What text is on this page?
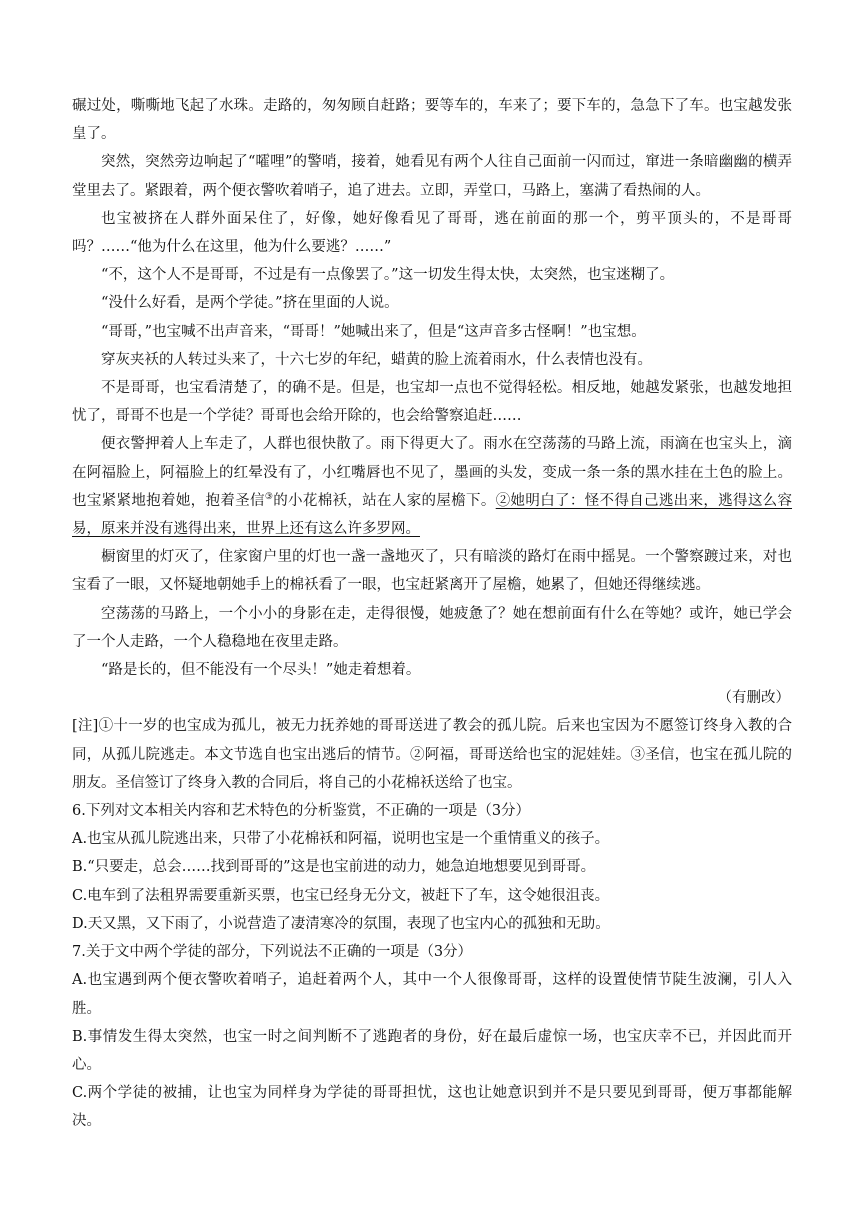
碾过处，嘶嘶地飞起了水珠。走路的，匆匆顾自赶路；要等车的，车来了；要下车的，急急下了车。也宝越发张皇了。

突然，突然旁边响起了“嚯哩”的警哨，接着，她看见有两个人往自己面前一闪而过，窜进一条暗幽幽的横弄堂里去了。紧跟着，两个便衣警吹着哨子，追了进去。立即，弄堂口，马路上，塞满了看热闹的人。

也宝被挤在人群外面呆住了，好像，她好像看见了哥哥，逃在前面的那一个，剪平顶头的，不是哥哥吗？……“他为什么在这里，他为什么要逃？……”

“不，这个人不是哥哥，不过是有一点像罢了。”这一切发生得太快，太突然，也宝迷糊了。

“没什么好看，是两个学徒。”挤在里面的人说。

“哥哥，”也宝喊不出声音来，“哥哥！”她喊出来了，但是“这声音多古怪啊！”也宝想。

穿灰夹袄的人转过头来了，十六七岁的年纪，蜡黄的脸上流着雨水，什么表情也没有。

不是哥哥，也宝看清楚了，的确不是。但是，也宝却一点也不觉得轻松。相反地，她越发紧张，也越发地担忧了，哥哥不也是一个学徒？哥哥也会给开除的，也会给警察追赶……

便衣警押着人上车走了，人群也很快散了。雨下得更大了。雨水在空荡荡的马路上流，雨滴在也宝头上，滴在阿福脸上，阿福脸上的红晕没有了，小红嘴唇也不见了，墨画的头发，变成一条一条的黑水挂在土色的脸上。也宝紧紧地抱着她，抱着圣信③的小花棉袄，站在人家的屋檐下。②她明白了：怪不得自己逃出来，逃得这么容易，原来并没有逃得出来，世界上还有这么许多罗网。

橱窗里的灯灭了，住家窗户里的灯也一盏一盏地灭了，只有暗淡的路灯在雨中摇晃。一个警察踱过来，对也宝看了一眼，又怀疑地朝她手上的棉袄看了一眼，也宝赶紧离开了屋檐，她累了，但她还得继续逃。

空荡荡的马路上，一个小小的身影在走，走得很慢，她疲惫了？她在想前面有什么在等她？或许，她已学会了一个人走路，一个人稳稳地在夜里走路。

“路是长的，但不能没有一个尽头！”她走着想着。

（有删改）

[注]①十一岁的也宝成为孤儿，被无力抚养她的哥哥送进了教会的孤儿院。后来也宝因为不愿签订终身入教的合同，从孤儿院逃走。本文节选自也宝出逃后的情节。②阿福，哥哥送给也宝的泥娃娃。③圣信，也宝在孤儿院的朋友。圣信签订了终身入教的合同后，将自己的小花棉袄送给了也宝。

6.下列对文本相关内容和艺术特色的分析鉴赏，不正确的一项是（3分）

A.也宝从孤儿院逃出来，只带了小花棉袄和阿福，说明也宝是一个重情重义的孩子。

B.“只要走，总会……找到哥哥的”这是也宝前进的动力，她急迫地想要见到哥哥。

C.电车到了法租界需要重新买票，也宝已经身无分文，被赶下了车，这令她很沮丧。

D.天又黑，又下雨了，小说营造了凄清寒冷的氛围，表现了也宝内心的孤独和无助。

7.关于文中两个学徒的部分，下列说法不正确的一项是（3分）

A.也宝遇到两个便衣警吹着哨子，追赶着两个人，其中一个人很像哥哥，这样的设置使情节陡生波澜，引人入胜。

B.事情发生得太突然，也宝一时之间判断不了逃跑者的身份，好在最后虚惊一场，也宝庆幸不已，并因此而开心。

C.两个学徒的被捕，让也宝为同样身为学徒的哥哥担忧，这也让她意识到并不是只要见到哥哥，便万事都能解决。
